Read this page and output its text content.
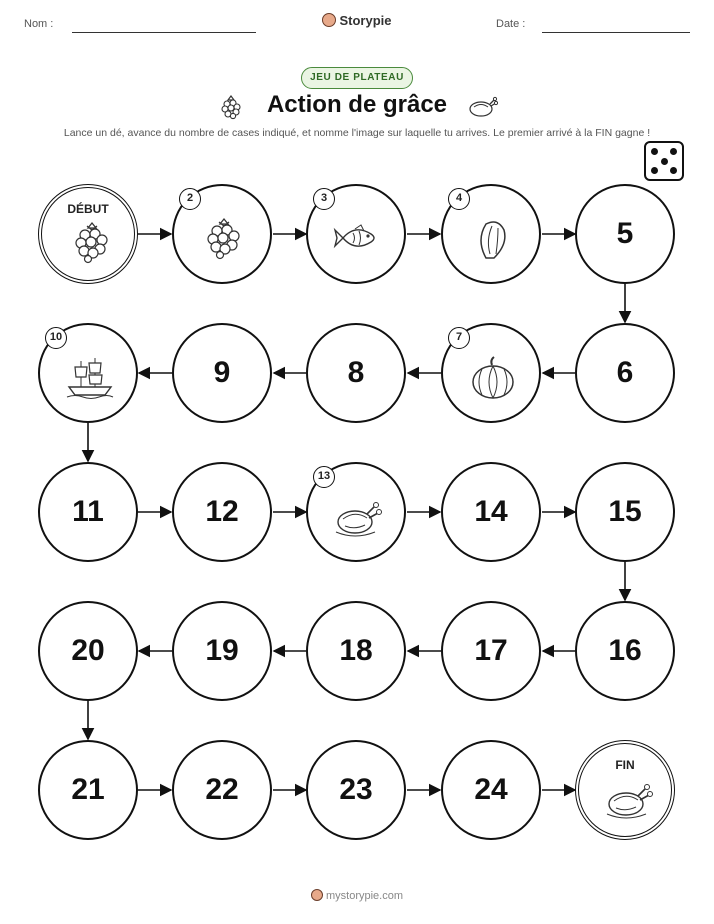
Nom :	Storypie	Date :
JEU DE PLATEAU
Action de grâce
Lance un dé, avance du nombre de cases indiqué, et nomme l'image sur laquelle tu arrives. Le premier arrivé à la FIN gagne !
DÉBUT
2	3	4
5
10
9	8
7
6
11	12
13
14	15
20	19	18	17	16
21	22	23	24
FIN
mystorypie.com
